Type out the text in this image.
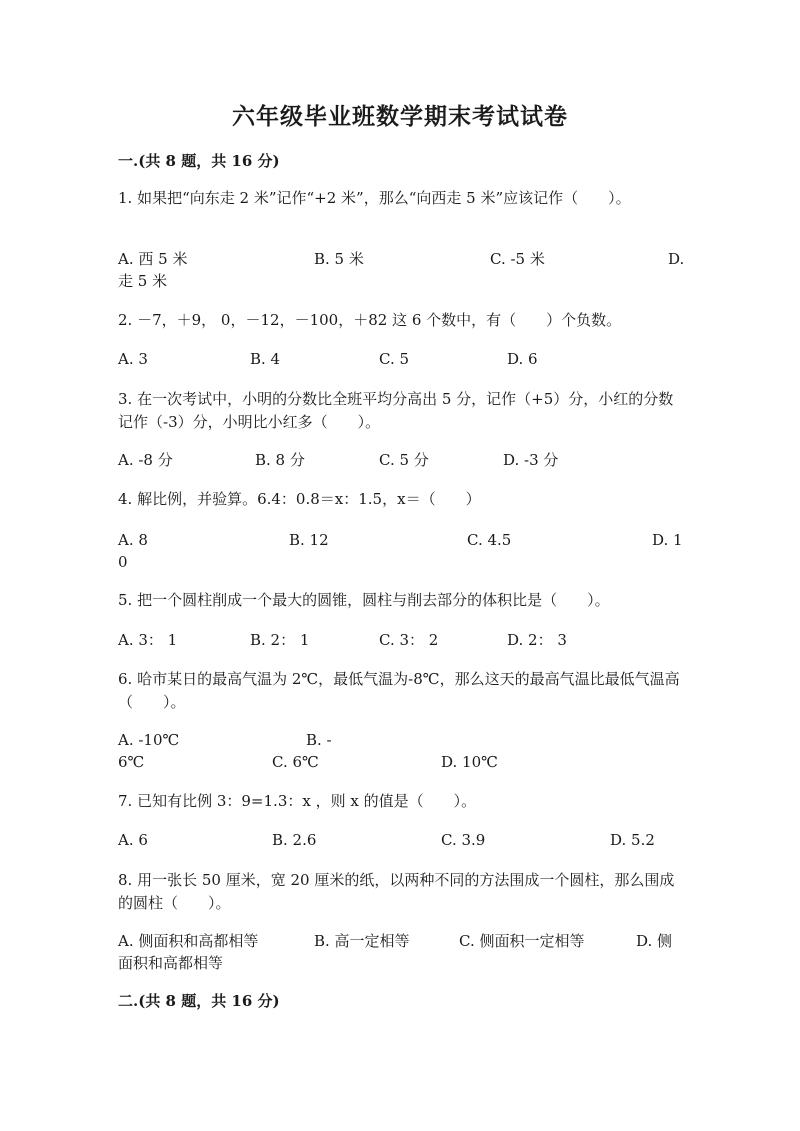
六年级毕业班数学期末考试试卷

一.(共 8 题，共 16 分)

1. 如果把“向东走 2 米”记作“+2 米”，那么“向西走 5 米”应该记作（　　）。

A. 西 5 米	B. 5 米	C. -5 米	D.
走 5 米

2. －7，＋9， 0，－12，－100，＋82 这 6 个数中，有（　　）个负数。

A. 3	B. 4	C. 5	D. 6

3. 在一次考试中，小明的分数比全班平均分高出 5 分，记作（+5）分，小红的分数记作（-3）分，小明比小红多（　　）。

A. -8 分	B. 8 分	C. 5 分	D. -3 分

4. 解比例，并验算。6.4：0.8＝x：1.5，x＝（　　）

A. 8	B. 12	C. 4.5	D. 1
0

5. 把一个圆柱削成一个最大的圆锥，圆柱与削去部分的体积比是（　　）。

A. 3： 1	B. 2： 1	C. 3： 2	D. 2： 3

6. 哈市某日的最高气温为 2℃，最低气温为-8℃，那么这天的最高气温比最低气温高（　　）。

A. -10℃	B. -
6℃	C. 6℃	D. 10℃

7. 已知有比例 3：9=1.3：x ，则 x 的值是（　　）。

A. 6	B. 2.6	C. 3.9	D. 5.2

8. 用一张长 50 厘米，宽 20 厘米的纸，以两种不同的方法围成一个圆柱，那么围成的圆柱（　　）。

A. 侧面积和高都相等	B. 高一定相等	C. 侧面积一定相等	D. 侧
面积和高都相等

二.(共 8 题，共 16 分)
